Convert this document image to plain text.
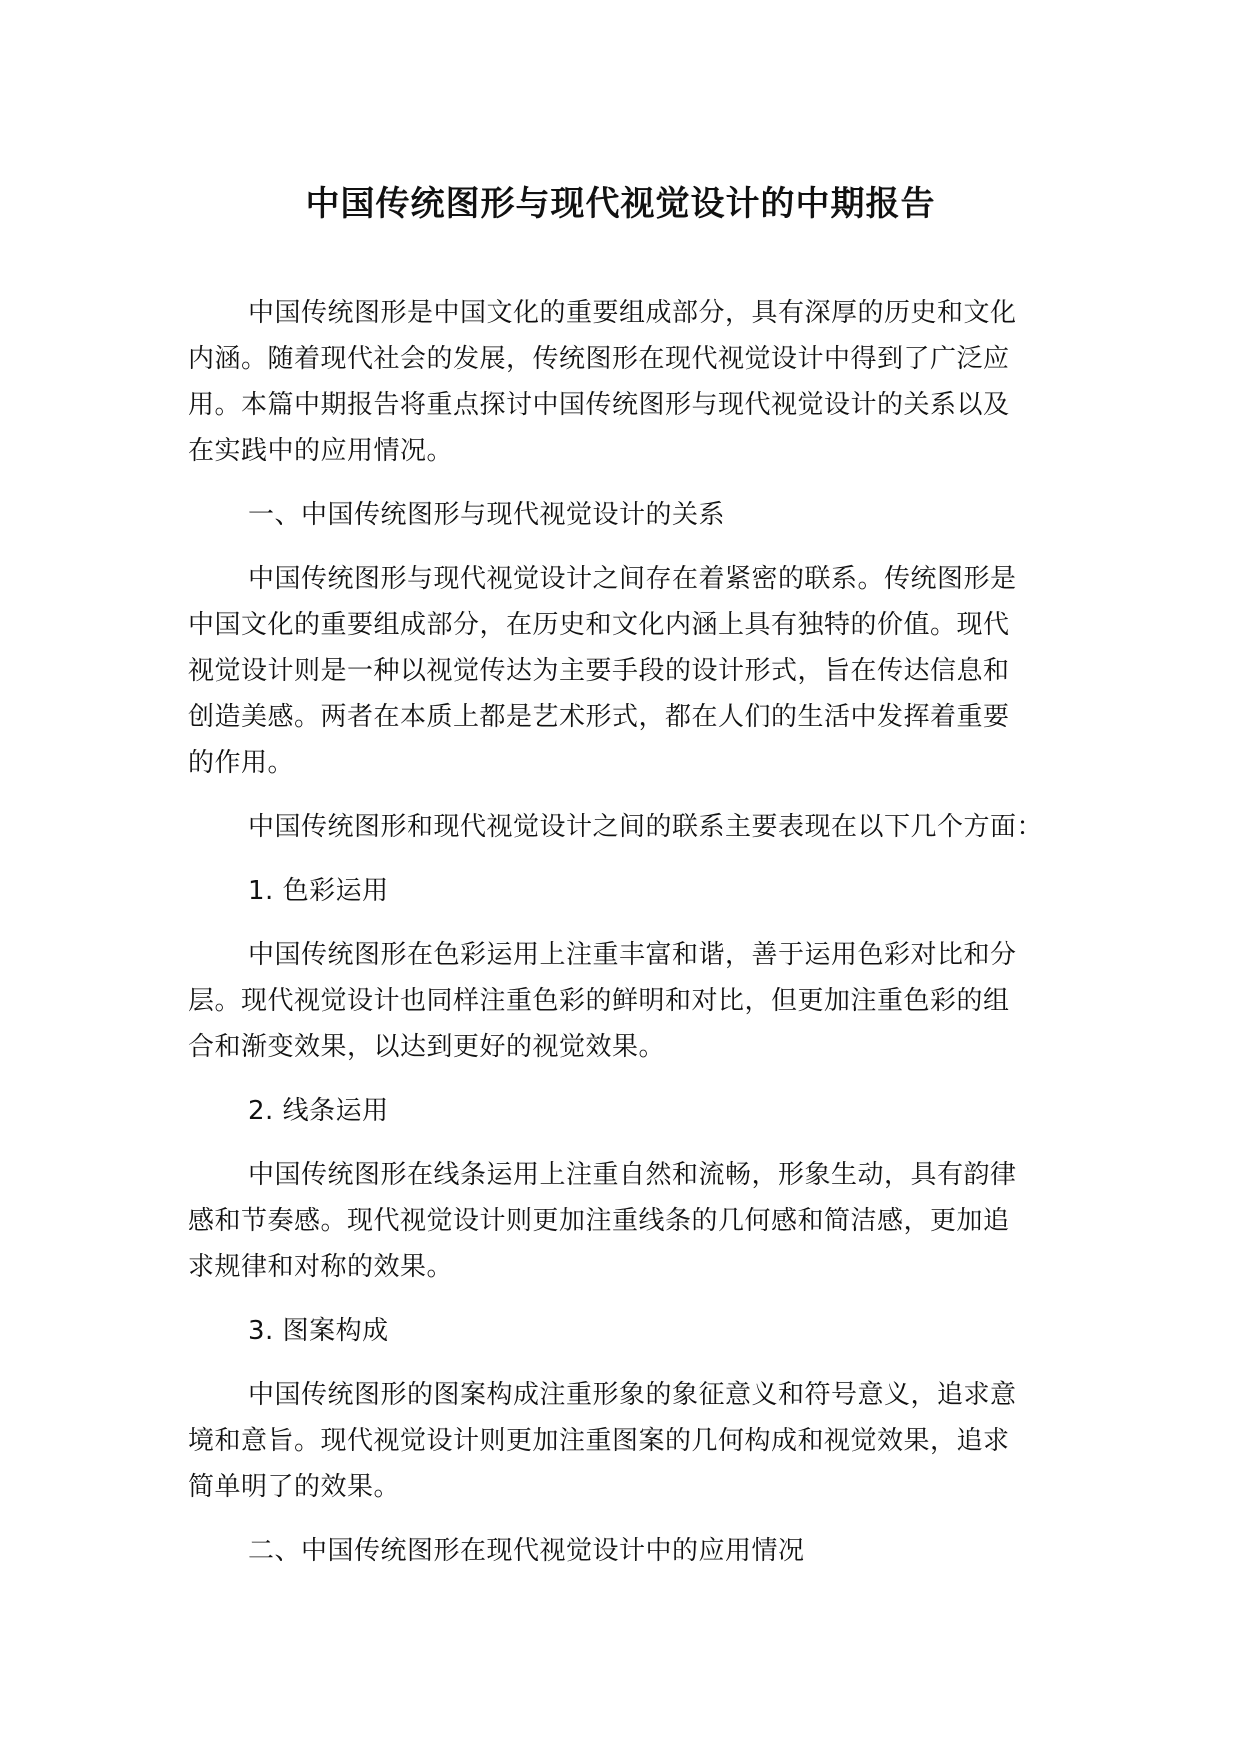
中国传统图形与现代视觉设计的中期报告

中国传统图形是中国文化的重要组成部分，具有深厚的历史和文化
内涵。随着现代社会的发展，传统图形在现代视觉设计中得到了广泛应
用。本篇中期报告将重点探讨中国传统图形与现代视觉设计的关系以及
在实践中的应用情况。

一、中国传统图形与现代视觉设计的关系

中国传统图形与现代视觉设计之间存在着紧密的联系。传统图形是
中国文化的重要组成部分，在历史和文化内涵上具有独特的价值。现代
视觉设计则是一种以视觉传达为主要手段的设计形式，旨在传达信息和
创造美感。两者在本质上都是艺术形式，都在人们的生活中发挥着重要
的作用。

中国传统图形和现代视觉设计之间的联系主要表现在以下几个方面：

1. 色彩运用

中国传统图形在色彩运用上注重丰富和谐，善于运用色彩对比和分
层。现代视觉设计也同样注重色彩的鲜明和对比，但更加注重色彩的组
合和渐变效果，以达到更好的视觉效果。

2. 线条运用

中国传统图形在线条运用上注重自然和流畅，形象生动，具有韵律
感和节奏感。现代视觉设计则更加注重线条的几何感和简洁感，更加追
求规律和对称的效果。

3. 图案构成

中国传统图形的图案构成注重形象的象征意义和符号意义，追求意
境和意旨。现代视觉设计则更加注重图案的几何构成和视觉效果，追求
简单明了的效果。

二、中国传统图形在现代视觉设计中的应用情况
